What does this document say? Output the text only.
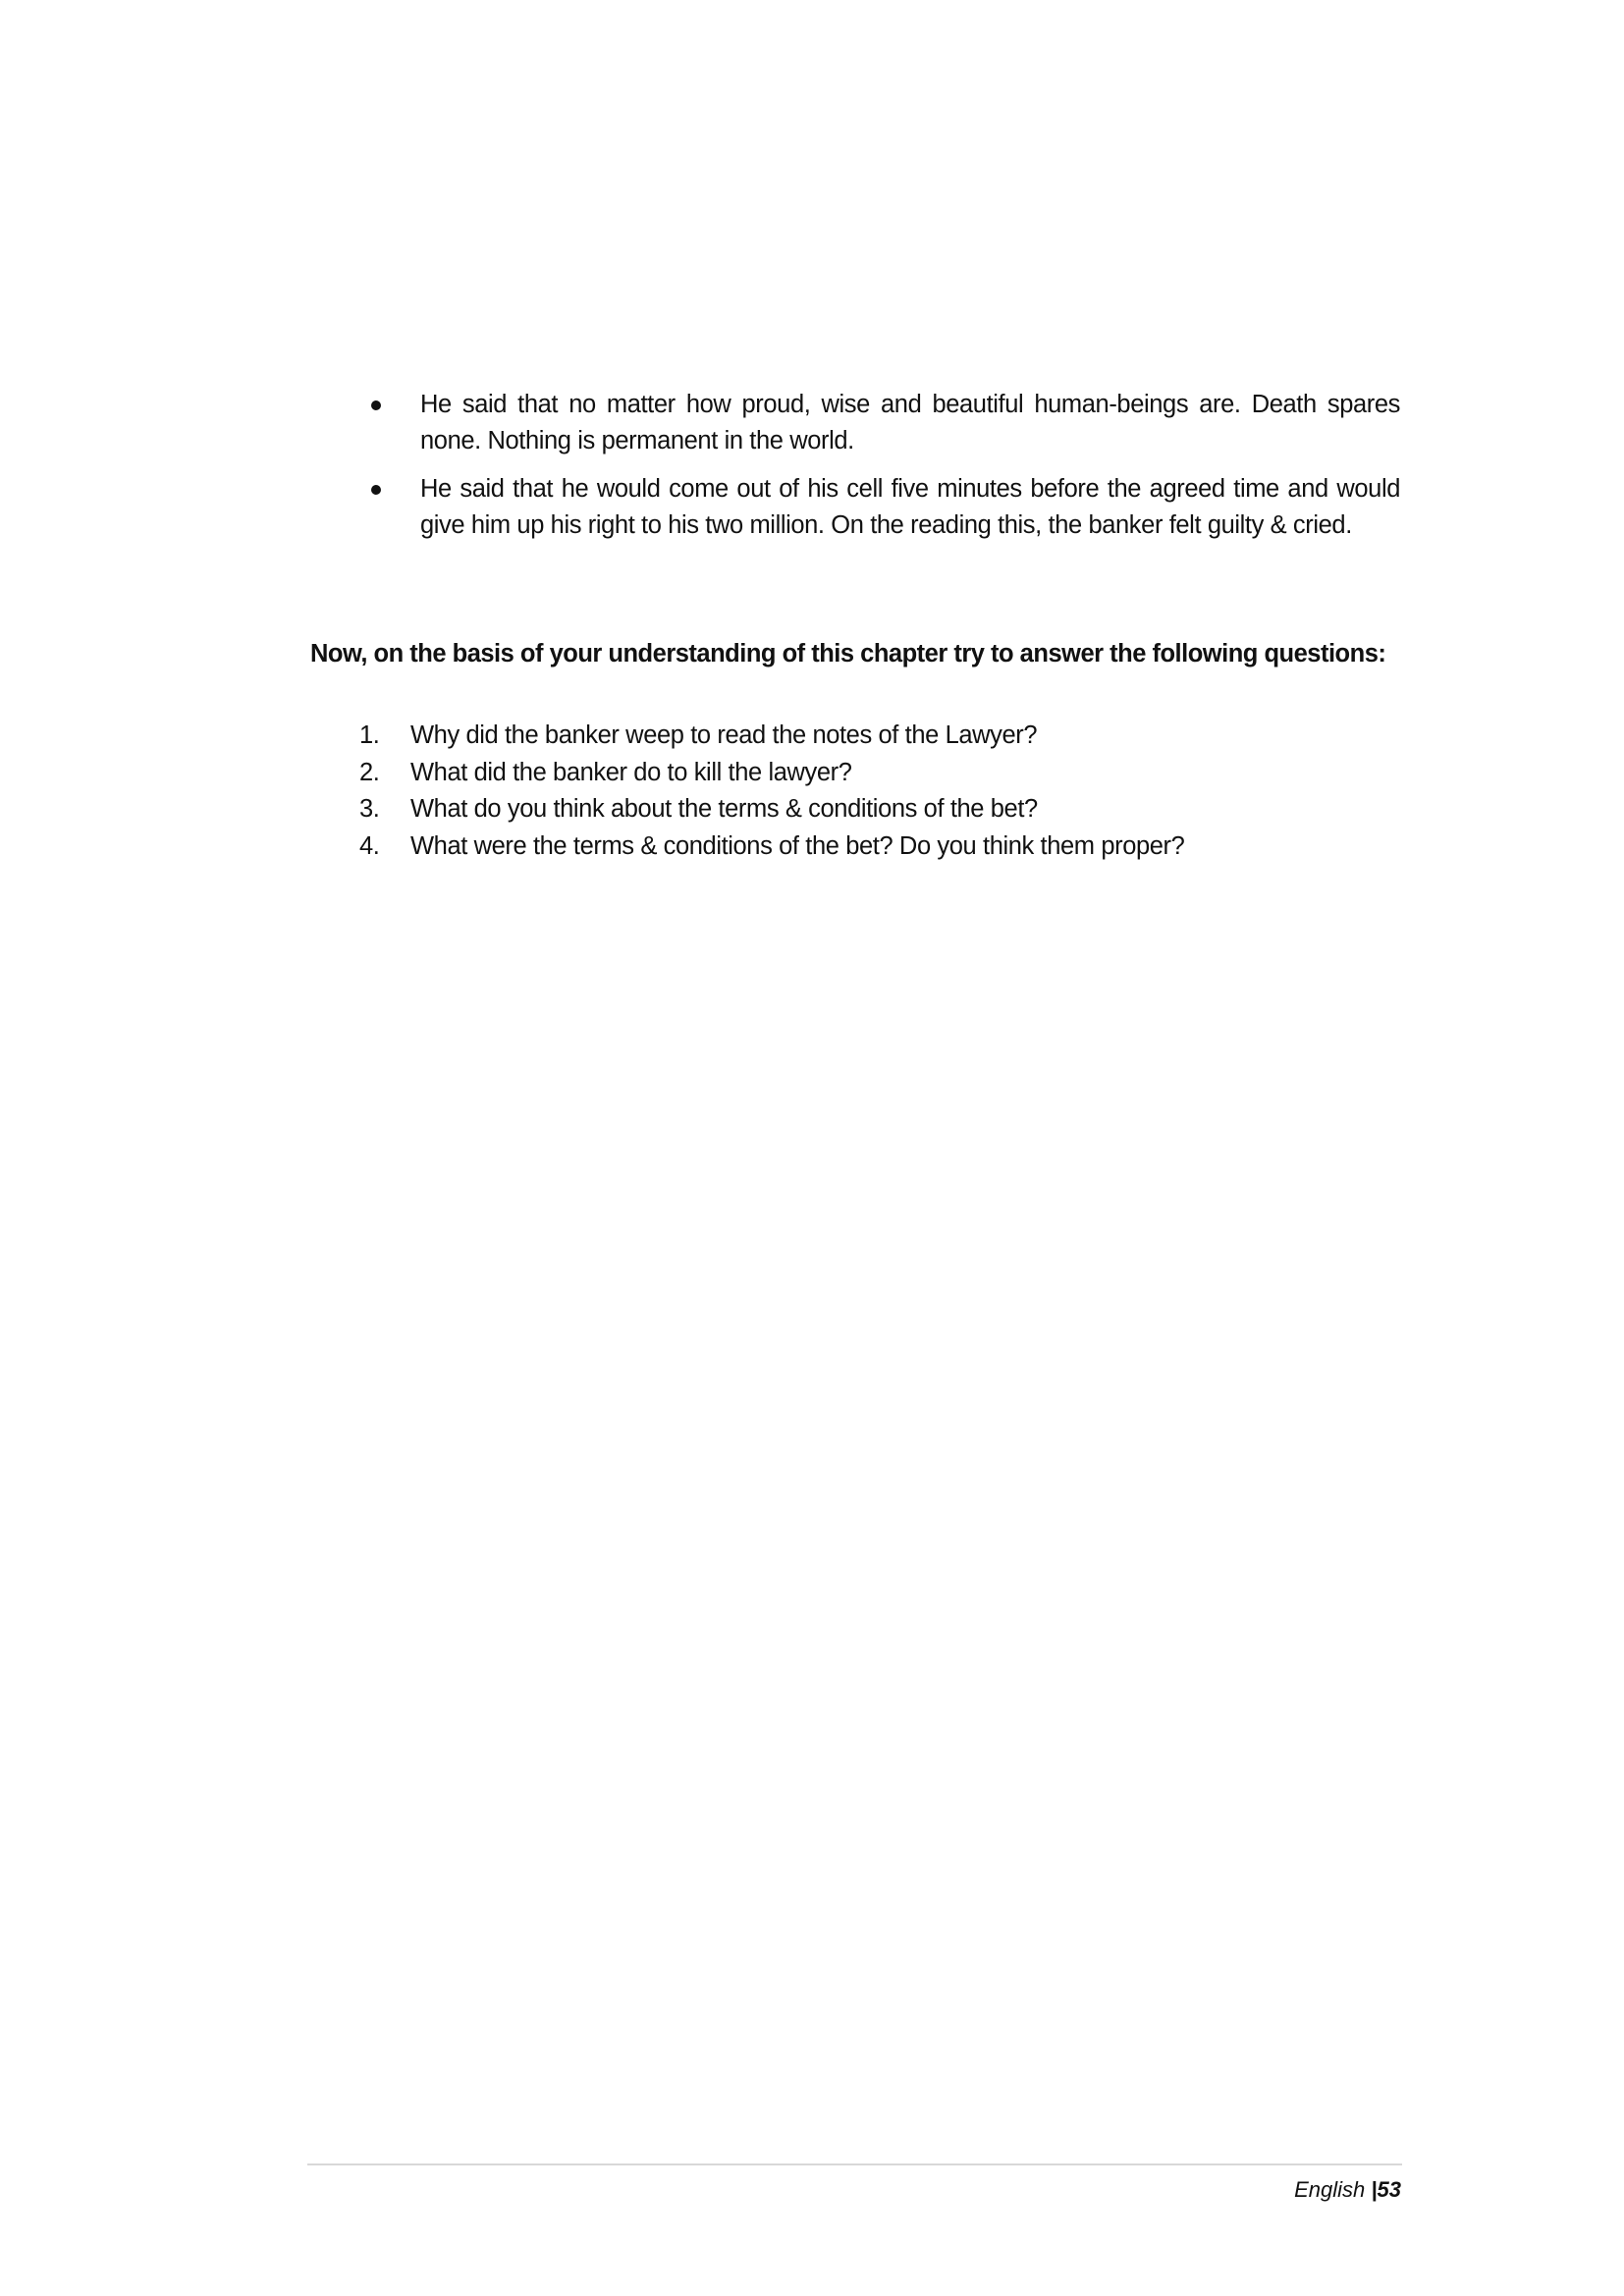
He said that no matter how proud, wise and beautiful human-beings are. Death spares none. Nothing is permanent in the world.
He said that he would come out of his cell five minutes before the agreed time and would give him up his right to his two million. On the reading this, the banker felt guilty & cried.

Now, on the basis of your understanding of this chapter try to answer the following questions:

1. Why did the banker weep to read the notes of the Lawyer?
2. What did the banker do to kill the lawyer?
3. What do you think about the terms & conditions of the bet?
4. What were the terms & conditions of the bet? Do you think them proper?
English |53
